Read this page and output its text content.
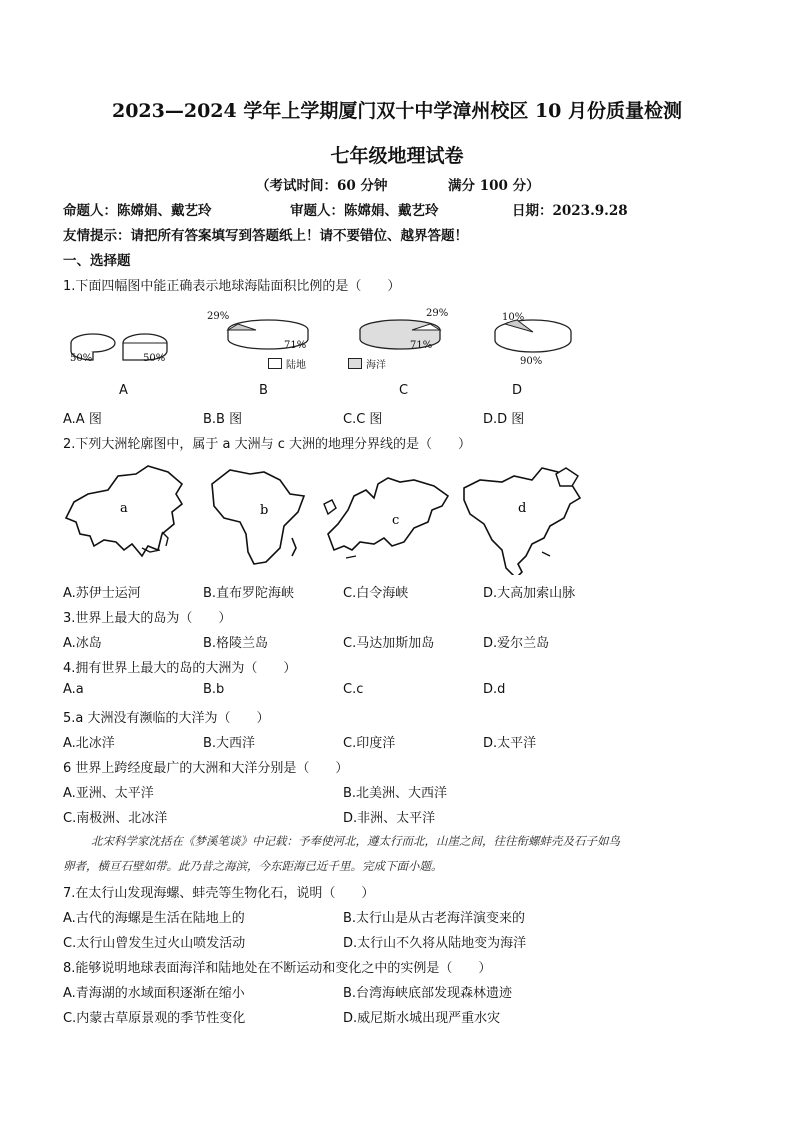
2023—2024 学年上学期厦门双十中学漳州校区 10 月份质量检测
七年级地理试卷
（考试时间：60 分钟	满分 100 分）
命题人：陈嫦娟、戴艺玲	审题人：陈嫦娟、戴艺玲	日期：2023.9.28
友情提示：请把所有答案填写到答题纸上！请不要错位、越界答题！
一、选择题
1.下面四幅图中能正确表示地球海陆面积比例的是（　　）
50%	50%
29%
71%
29%
71%
10%
90%
陆地	海洋
A	B	C	D
A.A 图	B.B 图	C.C 图	D.D 图
2.下列大洲轮廓图中，属于 a 大洲与 c 大洲的地理分界线的是（　　）
a	b
c
d
A.苏伊士运河	B.直布罗陀海峡	C.白令海峡	D.大高加索山脉
3.世界上最大的岛为（　　）
A.冰岛	B.格陵兰岛	C.马达加斯加岛	D.爱尔兰岛
4.拥有世界上最大的岛的大洲为（　　）
A.a	B.b	C.c	D.d
5.a 大洲没有濒临的大洋为（　　）
A.北冰洋	B.大西洋	C.印度洋	D.太平洋
6 世界上跨经度最广的大洲和大洋分别是（　　）
A.亚洲、太平洋	B.北美洲、大西洋
C.南极洲、北冰洋	D.非洲、太平洋
北宋科学家沈括在《梦溪笔谈》中记载：予奉使河北，遵太行而北，山崖之间，往往衔螺蚌壳及石子如鸟
卵者，横亘石壁如带。此乃昔之海滨，今东距海已近千里。完成下面小题。
7.在太行山发现海螺、蚌壳等生物化石，说明（　　）
A.古代的海螺是生活在陆地上的	B.太行山是从古老海洋演变来的
C.太行山曾发生过火山喷发活动	D.太行山不久将从陆地变为海洋
8.能够说明地球表面海洋和陆地处在不断运动和变化之中的实例是（　　）
A.青海湖的水域面积逐渐在缩小	B.台湾海峡底部发现森林遗迹
C.内蒙古草原景观的季节性变化	D.威尼斯水城出现严重水灾
